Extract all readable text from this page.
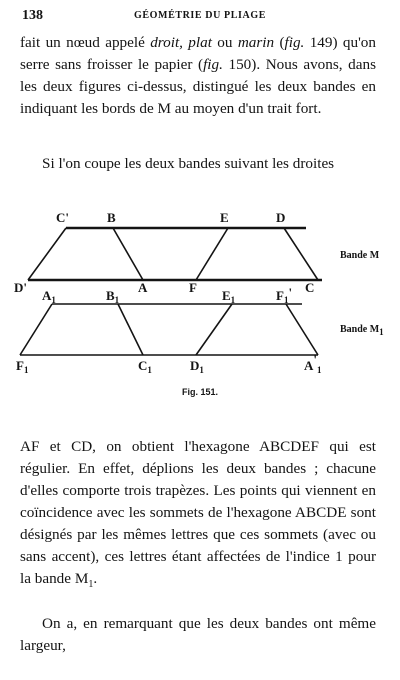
138	GÉOMÉTRIE DU PLIAGE

fait un nœud appelé droit, plat ou marin (fig. 149) qu'on serre sans froisser le papier (fig. 150). Nous avons, dans les deux figures ci-dessus, distingué les deux bandes en indiquant les bords de M au moyen d'un trait fort.

Si l'on coupe les deux bandes suivant les droites

C'	B	E	D
D'	A	F	C
$A_1$	$B_1$	$E_1$	$F_1'$
$F_1$	$C_1$	$D_1$	$A'_1$
Bande M
Bande M1
Fig. 151.

AF et CD, on obtient l'hexagone ABCDEF qui est régulier. En effet, déplions les deux bandes ; chacune d'elles comporte trois trapèzes. Les points qui viennent en coïncidence avec les sommets de l'hexagone ABCDE sont désignés par les mêmes lettres que ces sommets (avec ou sans accent), ces lettres étant affectées de l'indice 1 pour la bande $M_1$.

On a, en remarquant que les deux bandes ont même largeur,
